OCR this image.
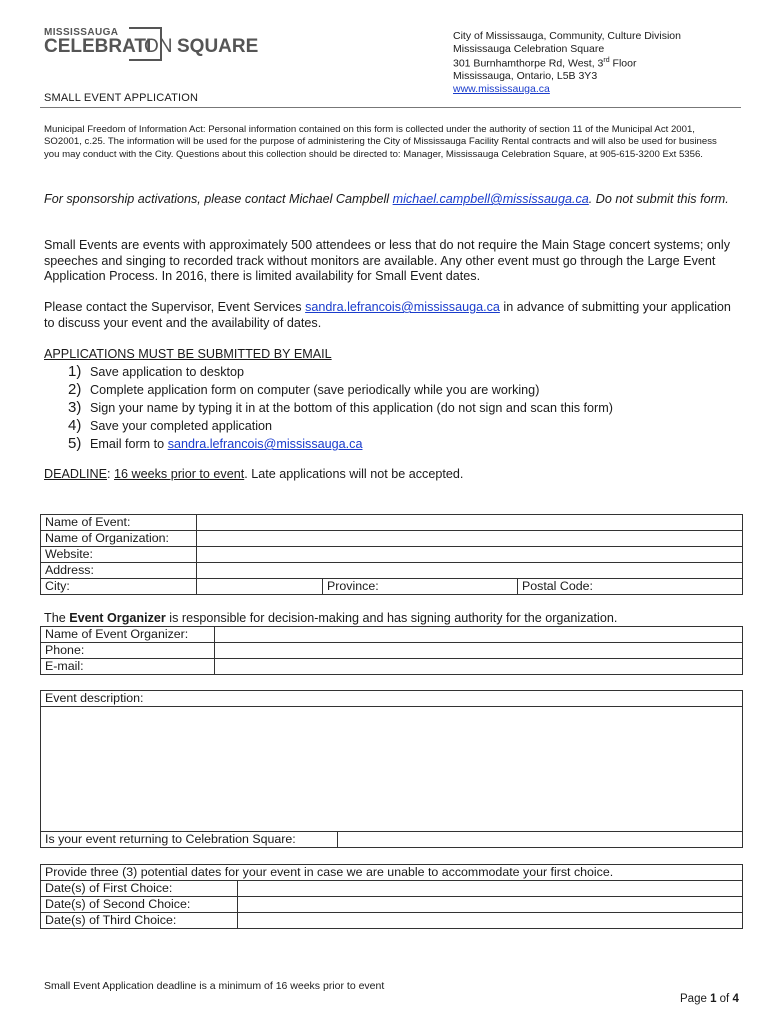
MISSISSAUGA
CELEBRATI
ON SQUARE	City of Mississauga, Community, Culture Division
Mississauga Celebration Square
301 Burnhamthorpe Rd, West, 3rd Floor
Mississauga, Ontario, L5B 3Y3
www.mississauga.ca
SMALL EVENT APPLICATION
Municipal Freedom of Information Act: Personal information contained on this form is collected under the authority of section 11 of the Municipal Act 2001, SO2001, c.25. The information will be used for the purpose of administering the City of Mississauga Facility Rental contracts and will also be used for business you may conduct with the City. Questions about this collection should be directed to: Manager, Mississauga Celebration Square, at 905-615-3200 Ext 5356.
For sponsorship activations, please contact Michael Campbell michael.campbell@mississauga.ca. Do not submit this form.
Small Events are events with approximately 500 attendees or less that do not require the Main Stage concert systems; only speeches and singing to recorded track without monitors are available. Any other event must go through the Large Event Application Process. In 2016, there is limited availability for Small Event dates.
Please contact the Supervisor, Event Services sandra.lefrancois@mississauga.ca in advance of submitting your application to discuss your event and the availability of dates.
APPLICATIONS MUST BE SUBMITTED BY EMAIL
1) Save application to desktop
2) Complete application form on computer (save periodically while you are working)
3) Sign your name by typing it in at the bottom of this application (do not sign and scan this form)
4) Save your completed application
5) Email form to sandra.lefrancois@mississauga.ca
DEADLINE: 16 weeks prior to event. Late applications will not be accepted.
Name of Event:			
Name of Organization:			
Website:			
Address:			
City:		Province:	Postal Code:
The Event Organizer is responsible for decision-making and has signing authority for the organization.
Name of Event Organizer:	
Phone:	
E-mail:	
Event description:

Is your event returning to Celebration Square:	
Provide three (3) potential dates for your event in case we are unable to accommodate your first choice.	
Date(s) of First Choice:	
Date(s) of Second Choice:	
Date(s) of Third Choice:	
Small Event Application deadline is a minimum of 16 weeks prior to event
Page 1 of 4
